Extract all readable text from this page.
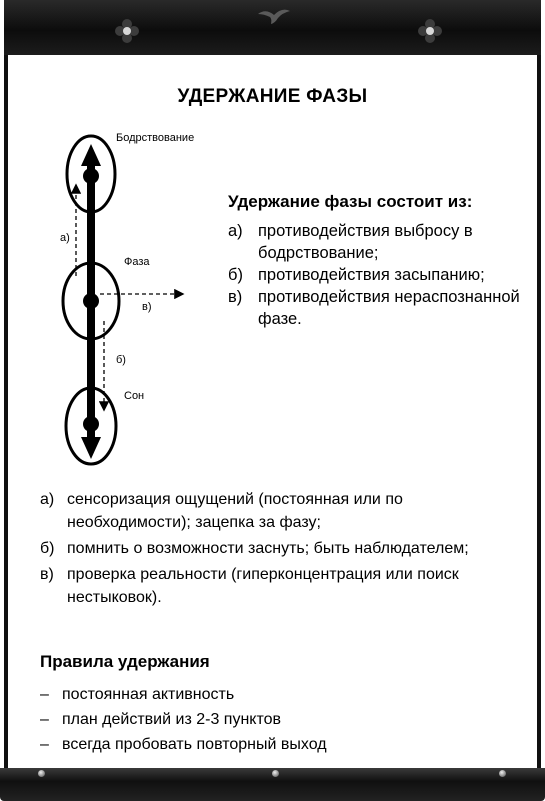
УДЕРЖАНИЕ ФАЗЫ
Бодрствование
Фаза
Сон
а)
в)
б)
Удержание фазы состоит из:
а) противодействия выбросу в бодрствование;
б) противодействия засыпанию;
в) противодействия нераспознанной фазе.
а) сенсоризация ощущений (постоянная или по необходимости); зацепка за фазу;
б) помнить о возможности заснуть; быть наблюдателем;
в) проверка реальности (гиперконцентрация или поиск нестыковок).
Правила удержания
– постоянная активность
– план действий из 2-3 пунктов
– всегда пробовать повторный выход
